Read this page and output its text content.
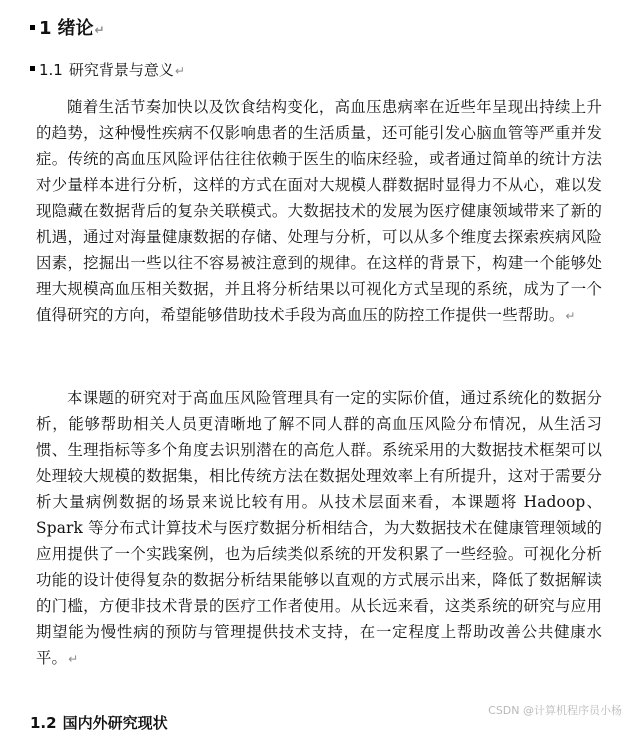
1 绪论 ↵
1.1 研究背景与意义 ↵

随着生活节奏加快以及饮食结构变化，高血压患病率在近些年呈现出持续上升的趋势，这种慢性疾病不仅影响患者的生活质量，还可能引发心脑血管等严重并发症。传统的高血压风险评估往往依赖于医生的临床经验，或者通过简单的统计方法对少量样本进行分析，这样的方式在面对大规模人群数据时显得力不从心，难以发现隐藏在数据背后的复杂关联模式。大数据技术的发展为医疗健康领域带来了新的机遇，通过对海量健康数据的存储、处理与分析，可以从多个维度去探索疾病风险因素，挖掘出一些以往不容易被注意到的规律。在这样的背景下，构建一个能够处理大规模高血压相关数据，并且将分析结果以可视化方式呈现的系统，成为了一个值得研究的方向，希望能够借助技术手段为高血压的防控工作提供一些帮助。↵

本课题的研究对于高血压风险管理具有一定的实际价值，通过系统化的数据分析，能够帮助相关人员更清晰地了解不同人群的高血压风险分布情况，从生活习惯、生理指标等多个角度去识别潜在的高危人群。系统采用的大数据技术框架可以处理较大规模的数据集，相比传统方法在数据处理效率上有所提升，这对于需要分析大量病例数据的场景来说比较有用。从技术层面来看，本课题将 Hadoop、Spark 等分布式计算技术与医疗数据分析相结合，为大数据技术在健康管理领域的应用提供了一个实践案例，也为后续类似系统的开发积累了一些经验。可视化分析功能的设计使得复杂的数据分析结果能够以直观的方式展示出来，降低了数据解读的门槛，方便非技术背景的医疗工作者使用。从长远来看，这类系统的研究与应用期望能为慢性病的预防与管理提供技术支持，在一定程度上帮助改善公共健康水平。↵

1.2 国内外研究现状
CSDN @计算机程序员小杨
